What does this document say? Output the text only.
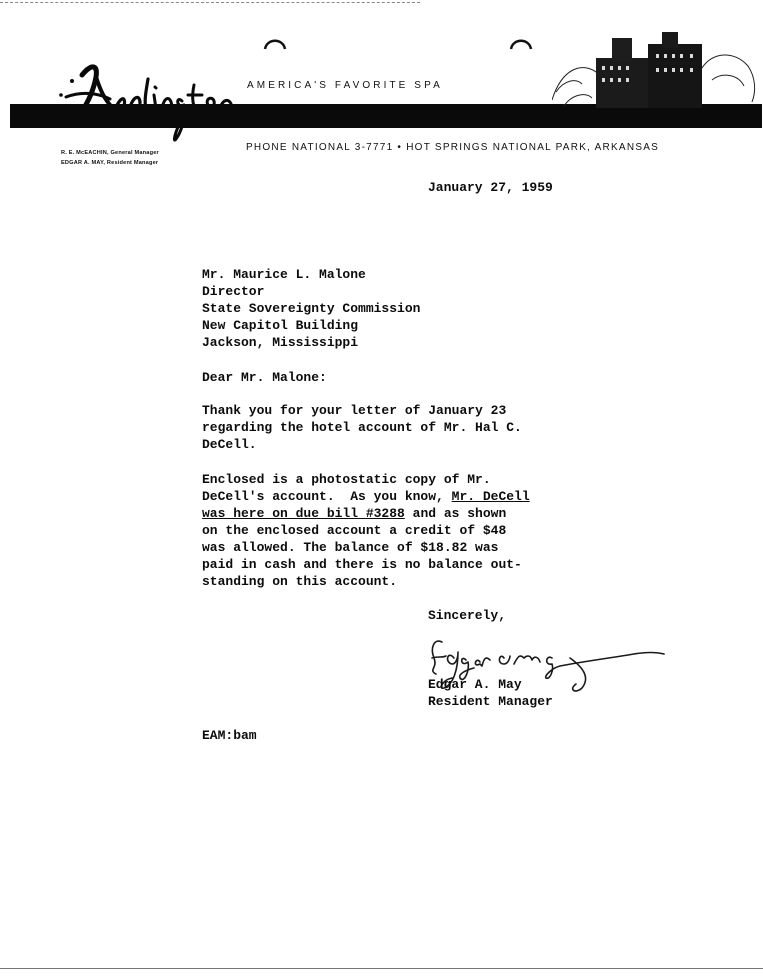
AMERICA'S FAVORITE SPA
PHONE NATIONAL 3-7771 • HOT SPRINGS NATIONAL PARK, ARKANSAS
R. E. McEACHIN, General Manager
EDGAR A. MAY, Resident Manager
January 27, 1959
Mr. Maurice L. Malone
Director
State Sovereignty Commission
New Capitol Building
Jackson, Mississippi
Dear Mr. Malone:
Thank you for your letter of January 23
regarding the hotel account of Mr. Hal C.
DeCell.
Enclosed is a photostatic copy of Mr.
DeCell's account.  As you know, Mr. DeCell
was here on due bill #3288 and as shown
on the enclosed account a credit of $48
was allowed. The balance of $18.82 was
paid in cash and there is no balance out-
standing on this account.
Sincerely,
Edgar A. May
Resident Manager
EAM:bam
